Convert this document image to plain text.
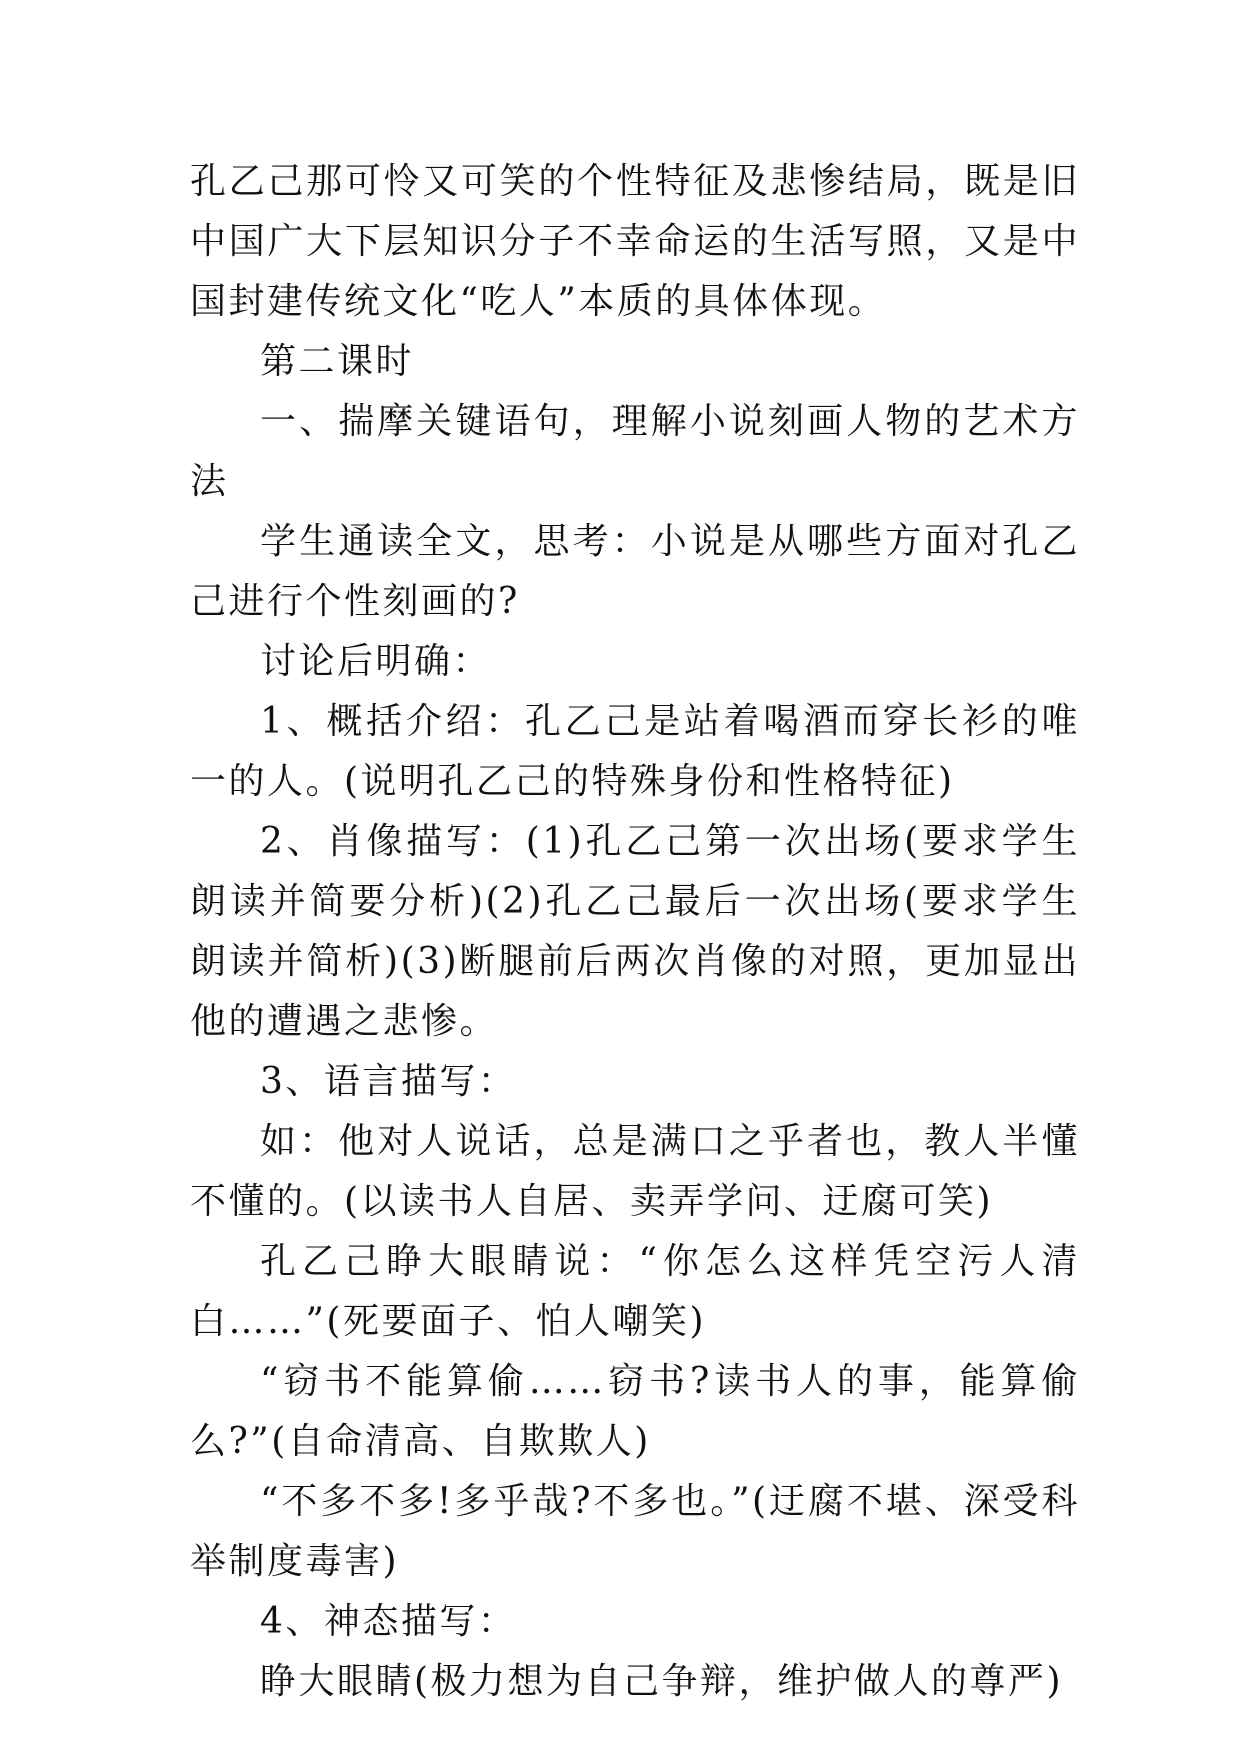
孔乙己那可怜又可笑的个性特征及悲惨结局，既是旧中国广大下层知识分子不幸命运的生活写照，又是中国封建传统文化“吃人”本质的具体体现。

第二课时

一、揣摩关键语句，理解小说刻画人物的艺术方法

学生通读全文，思考：小说是从哪些方面对孔乙己进行个性刻画的?

讨论后明确：

1、概括介绍：孔乙己是站着喝酒而穿长衫的唯一的人。(说明孔乙己的特殊身份和性格特征)

2、肖像描写：(1)孔乙己第一次出场(要求学生朗读并简要分析)(2)孔乙己最后一次出场(要求学生朗读并简析)(3)断腿前后两次肖像的对照，更加显出他的遭遇之悲惨。

3、语言描写：

如：他对人说话，总是满口之乎者也，教人半懂不懂的。(以读书人自居、卖弄学问、迂腐可笑)

孔乙己睁大眼睛说：“你怎么这样凭空污人清白……”(死要面子、怕人嘲笑)

“窃书不能算偷……窃书?读书人的事，能算偷么?”(自命清高、自欺欺人)

“不多不多!多乎哉?不多也。”(迂腐不堪、深受科举制度毒害)

4、神态描写：

睁大眼睛(极力想为自己争辩，维护做人的尊严)
